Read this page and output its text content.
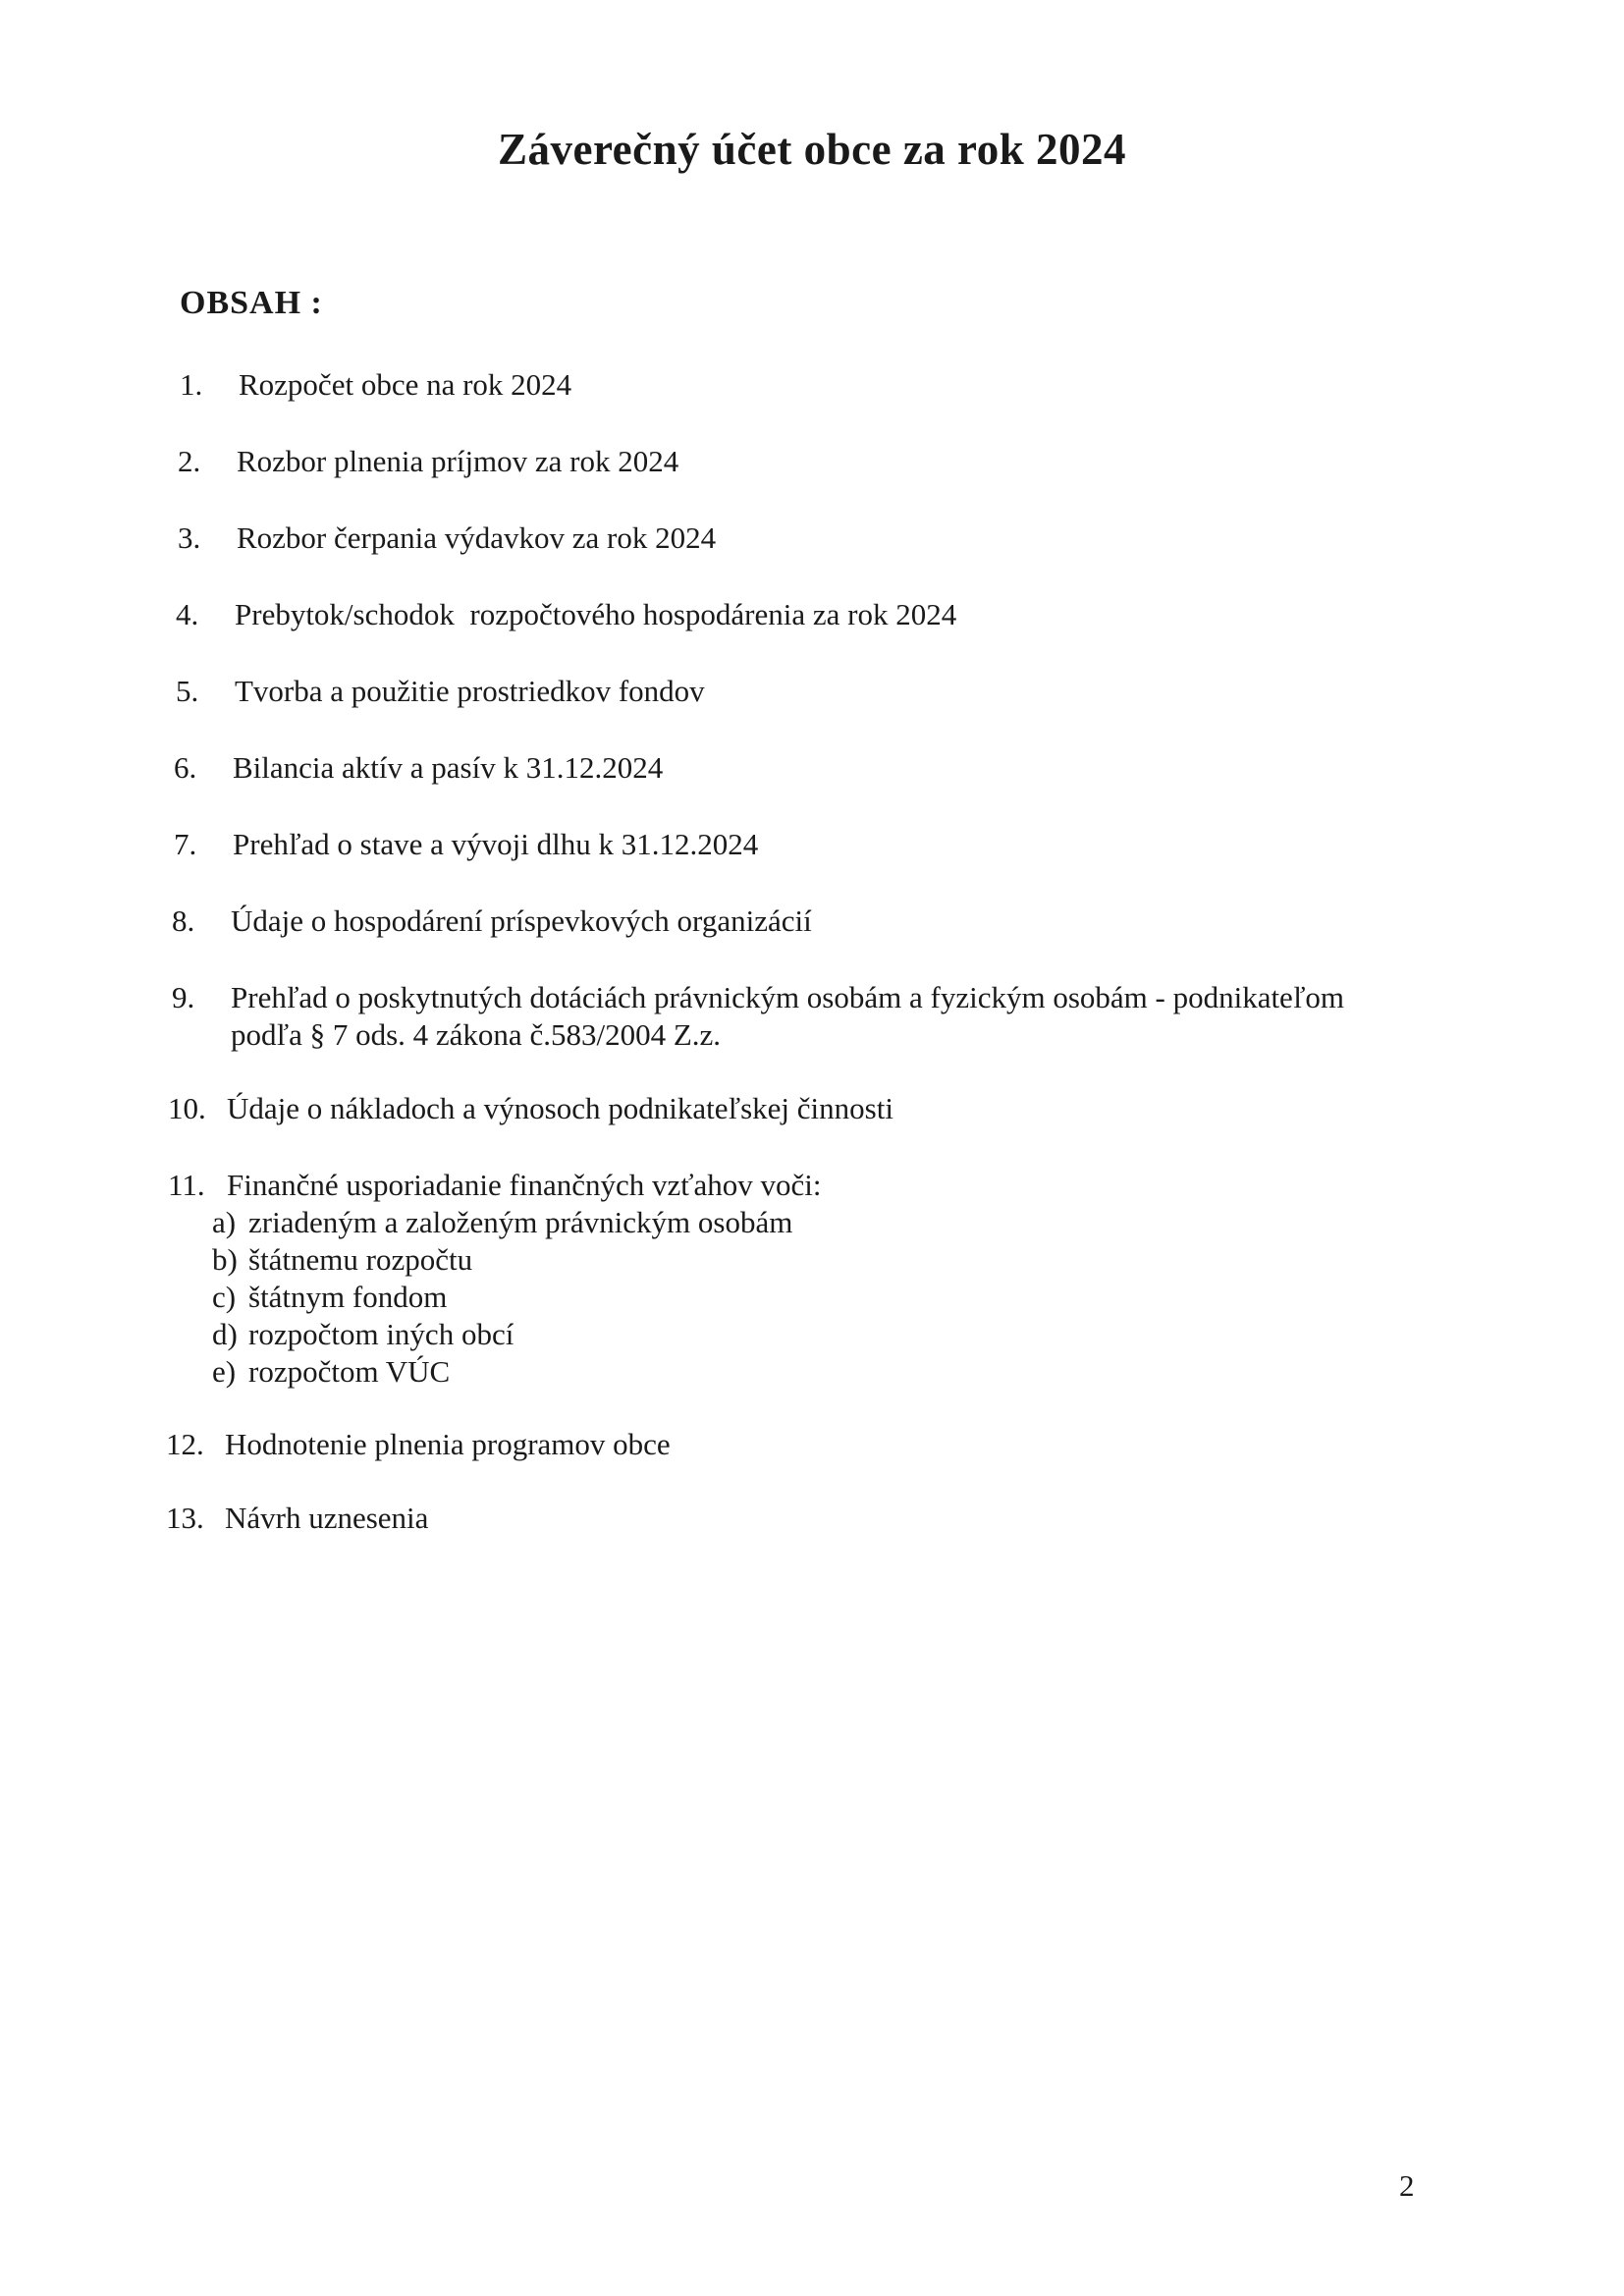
Záverečný účet obce za rok 2024
OBSAH :
1. Rozpočet obce na rok 2024
2. Rozbor plnenia príjmov za rok 2024
3. Rozbor čerpania výdavkov za rok 2024
4. Prebytok/schodok  rozpočtového hospodárenia za rok 2024
5. Tvorba a použitie prostriedkov fondov
6. Bilancia aktív a pasív k 31.12.2024
7. Prehľad o stave a vývoji dlhu k 31.12.2024
8. Údaje o hospodárení príspevkových organizácií
9. Prehľad o poskytnutých dotáciách právnickým osobám a fyzickým osobám - podnikateľom
podľa § 7 ods. 4 zákona č.583/2004 Z.z.
10. Údaje o nákladoch a výnosoch podnikateľskej činnosti
11. Finančné usporiadanie finančných vzťahov voči:
a) zriadeným a založeným právnickým osobám
b) štátnemu rozpočtu
c) štátnym fondom
d) rozpočtom iných obcí
e) rozpočtom VÚC
12. Hodnotenie plnenia programov obce
13. Návrh uznesenia
2
